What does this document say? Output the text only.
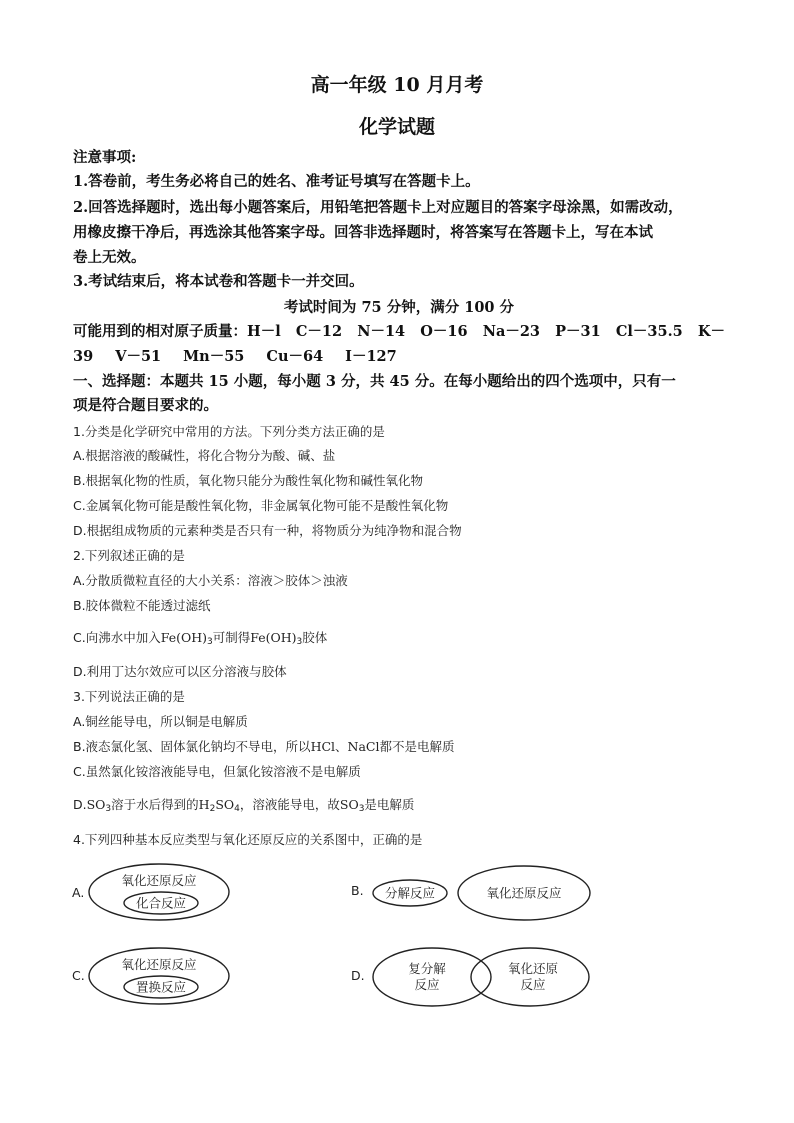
高一年级 10 月月考
化学试题
注意事项:
1.答卷前，考生务必将自己的姓名、准考证号填写在答题卡上。
2.回答选择题时，选出每小题答案后，用铅笔把答题卡上对应题目的答案字母涂黑，如需改动，
用橡皮擦干净后，再选涂其他答案字母。回答非选择题时，将答案写在答题卡上，写在本试
卷上无效。
3.考试结束后，将本试卷和答题卡一并交回。
考试时间为 75 分钟，满分 100 分
可能用到的相对原子质量：H－l C－12 N－14 O－16 Na－23 P－31 Cl－35.5 K－
39 V－51 Mn－55 Cu－64 I－127
一、选择题：本题共 15 小题，每小题 3 分，共 45 分。在每小题给出的四个选项中，只有一
项是符合题目要求的。
1.分类是化学研究中常用的方法。下列分类方法正确的是
A.根据溶液的酸碱性，将化合物分为酸、碱、盐
B.根据氧化物的性质，氧化物只能分为酸性氧化物和碱性氧化物
C.金属氧化物可能是酸性氧化物，非金属氧化物可能不是酸性氧化物
D.根据组成物质的元素种类是否只有一种，将物质分为纯净物和混合物
2.下列叙述正确的是
A.分散质微粒直径的大小关系：溶液＞胶体＞浊液
B.胶体微粒不能透过滤纸
C.向沸水中加入$Fe(OH)_3$可制得$Fe(OH)_3$胶体
D.利用丁达尔效应可以区分溶液与胶体
3.下列说法正确的是
A.铜丝能导电，所以铜是电解质
B.液态氯化氢、固体氯化钠均不导电，所以HCl、NaCl都不是电解质
C.虽然氯化铵溶液能导电，但氯化铵溶液不是电解质
$D.SO_3$溶于水后得到的$H_2SO_4$，溶液能导电，故$SO_3$是电解质
4.下列四种基本反应类型与氧化还原反应的关系图中，正确的是
A.
氧化还原反应
化合反应
B. 分解反应	氧化还原反应
C.
氧化还原反应
置换反应
D.	复分解
反应
氧化还原
反应
